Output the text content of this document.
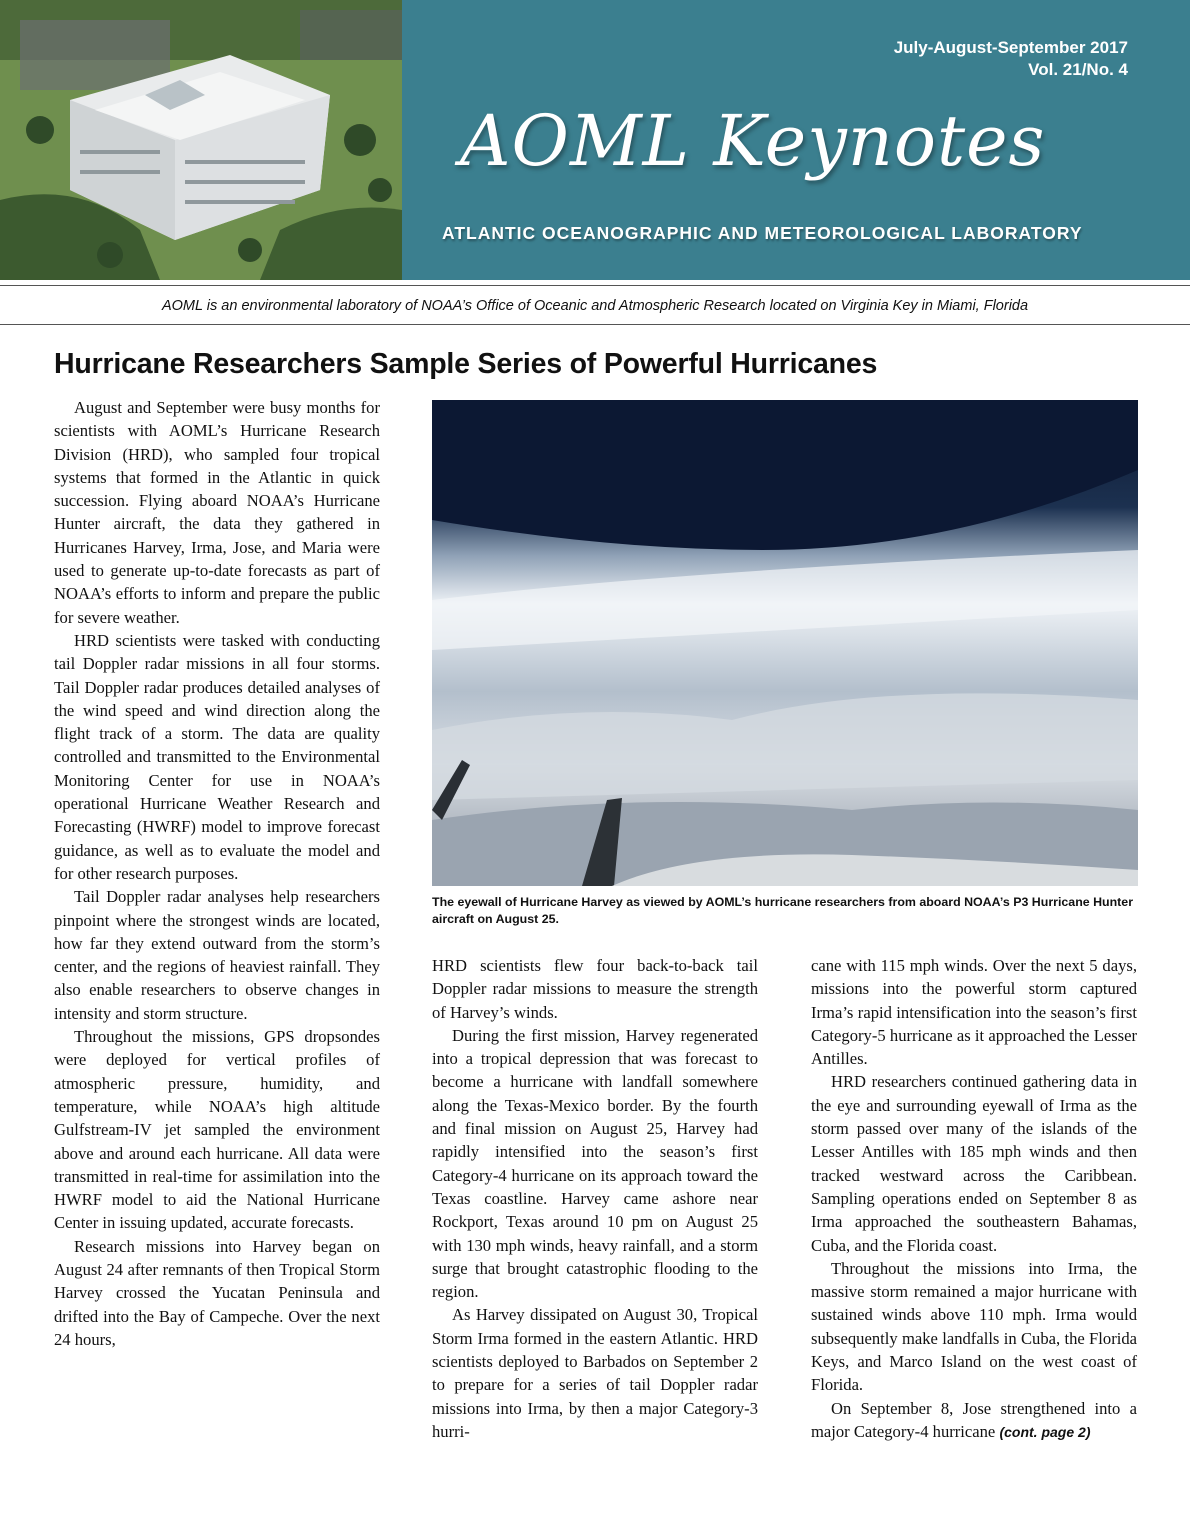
July-August-September 2017
Vol. 21/No. 4
AOML Keynotes
ATLANTIC OCEANOGRAPHIC AND METEOROLOGICAL LABORATORY
AOML is an environmental laboratory of NOAA’s Office of Oceanic and Atmospheric Research located on Virginia Key in Miami, Florida
Hurricane Researchers Sample Series of Powerful Hurricanes

August and September were busy months for scientists with AOML’s Hurricane Research Division (HRD), who sampled four tropical systems that formed in the Atlantic in quick succession. Flying aboard NOAA’s Hurricane Hunter aircraft, the data they gathered in Hurricanes Harvey, Irma, Jose, and Maria were used to generate up-to-date forecasts as part of NOAA’s efforts to inform and prepare the public for severe weather.

HRD scientists were tasked with conducting tail Doppler radar missions in all four storms. Tail Doppler radar produces detailed analyses of the wind speed and wind direction along the flight track of a storm. The data are quality controlled and transmitted to the Environmental Monitoring Center for use in NOAA’s operational Hurricane Weather Research and Forecasting (HWRF) model to improve forecast guidance, as well as to evaluate the model and for other research purposes.

Tail Doppler radar analyses help researchers pinpoint where the strongest winds are located, how far they extend outward from the storm’s center, and the regions of heaviest rainfall. They also enable researchers to observe changes in intensity and storm structure.

Throughout the missions, GPS dropsondes were deployed for vertical profiles of atmospheric pressure, humidity, and temperature, while NOAA’s high altitude Gulfstream-IV jet sampled the environment above and around each hurricane. All data were transmitted in real-time for assimilation into the HWRF model to aid the National Hurricane Center in issuing updated, accurate forecasts.

Research missions into Harvey began on August 24 after remnants of then Tropical Storm Harvey crossed the Yucatan Peninsula and drifted into the Bay of Campeche. Over the next 24 hours,

The eyewall of Hurricane Harvey as viewed by AOML’s hurricane researchers from aboard NOAA’s P3 Hurricane Hunter aircraft on August 25.

HRD scientists flew four back-to-back tail Doppler radar missions to measure the strength of Harvey’s winds.

During the first mission, Harvey regenerated into a tropical depression that was forecast to become a hurricane with landfall somewhere along the Texas-Mexico border. By the fourth and final mission on August 25, Harvey had rapidly intensified into the season’s first Category-4 hurricane on its approach toward the Texas coastline. Harvey came ashore near Rockport, Texas around 10 pm on August 25 with 130 mph winds, heavy rainfall, and a storm surge that brought catastrophic flooding to the region.

As Harvey dissipated on August 30, Tropical Storm Irma formed in the eastern Atlantic. HRD scientists deployed to Barbados on September 2 to prepare for a series of tail Doppler radar missions into Irma, by then a major Category-3 hurri-

cane with 115 mph winds. Over the next 5 days, missions into the powerful storm captured Irma’s rapid intensification into the season’s first Category-5 hurricane as it approached the Lesser Antilles.

HRD researchers continued gathering data in the eye and surrounding eyewall of Irma as the storm passed over many of the islands of the Lesser Antilles with 185 mph winds and then tracked westward across the Caribbean. Sampling operations ended on September 8 as Irma approached the southeastern Bahamas, Cuba, and the Florida coast.

Throughout the missions into Irma, the massive storm remained a major hurricane with sustained winds above 110 mph. Irma would subsequently make landfalls in Cuba, the Florida Keys, and Marco Island on the west coast of Florida.

On September 8, Jose strengthened into a major Category-4 hurricane (cont. page 2)
